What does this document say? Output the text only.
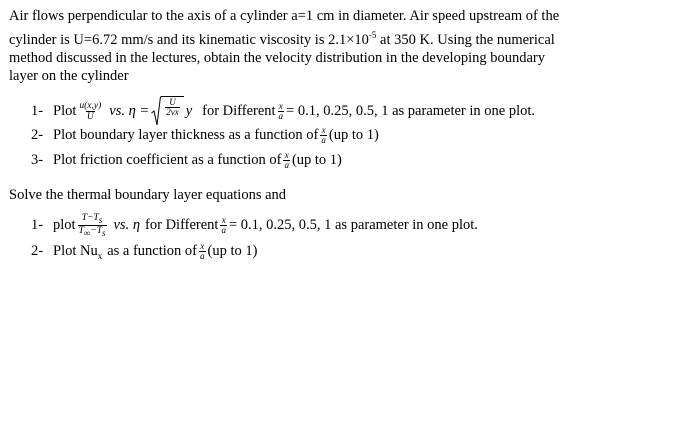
Air flows perpendicular to the axis of a cylinder a=1 cm in diameter. Air speed upstream of the
cylinder is U=6.72 mm/s and its kinematic viscosity is $2.1\times 10^{-5}$ at 350 K. Using the numerical
method discussed in the lectures, obtain the velocity distribution in the developing boundary
layer on the cylinder
1- Plot $\frac{u(x,y)}{U}$ vs. $\eta = \frac{U}{2\nu x}$ y for Different $\frac{x}{a} = 0.1$, 0.25, 0.5, 1 as parameter in one plot.
2- Plot boundary layer thickness as a function of $\frac{x}{a} (up$ to 1)
3- Plot friction coefficient as a function of $\frac{x}{a} (up$ to 1)
Solve the thermal boundary layer equations and
1- plot $\frac{T-T_s}{T_\infty-T_s}$ vs. η for Different $\frac{x}{a} = 0.1$, 0.25, 0.5, 1 as parameter in one plot.
2- Plot $Nu_x$ as a function of $\frac{x}{a} (up$ to 1)
